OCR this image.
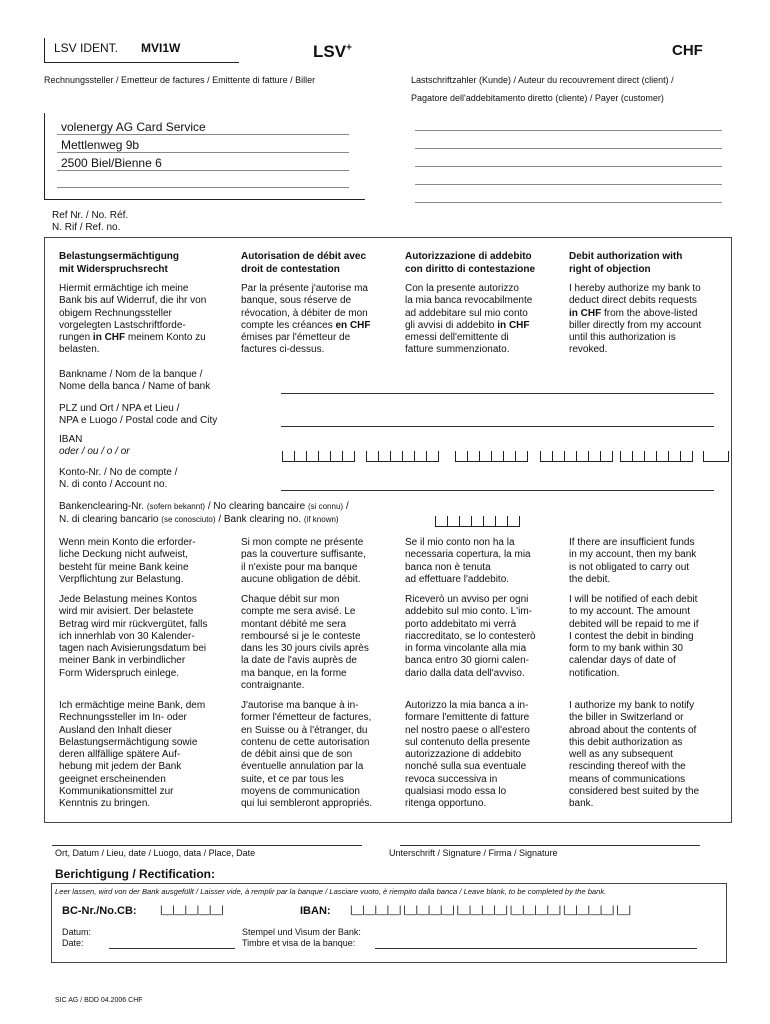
LSV IDENT. MVI1W	LSV+	CHF
Rechnungssteller / Emetteur de factures / Emittente di fatture / Biller	Lastschriftzahler (Kunde) / Auteur du recouvrement direct (client) /
Pagatore dell'addebitamento diretto (cliente) / Payer (customer)
volenergy AG Card Service
Mettlenweg 9b
2500 Biel/Bienne 6
Ref Nr. / No. Réf.
N. Rif / Ref. no.
Belastungsermächtigung
mit Widerspruchsrecht
Autorisation de débit avec
droit de contestation
Autorizzazione di addebito
con diritto di contestazione
Debit authorization with
right of objection
Hiermit ermächtige ich meine
Bank bis auf Widerruf, die ihr von
obigem Rechnungssteller
vorgelegten Lastschriftforde-
rungen in CHF meinem Konto zu
belasten.
Par la présente j'autorise ma
banque, sous réserve de
révocation, à débiter de mon
compte les créances en CHF
émises par l'émetteur de
factures ci-dessus.
Con la presente autorizzo
la mia banca revocabilmente
ad addebitare sul mio conto
gli avvisi di addebito in CHF
emessi dell'emittente di
fatture summenzionato.
I hereby authorize my bank to
deduct direct debits requests
in CHF from the above-listed
biller directly from my account
until this authorization is
revoked.
Bankname / Nom de la banque /
Nome della banca / Name of bank
PLZ und Ort / NPA et Lieu /
NPA e Luogo / Postal code and City
IBAN
oder / ou / o / or
Konto-Nr. / No de compte /
N. di conto / Account no.
Bankenclearing-Nr. (sofern bekannt) / No clearing bancaire (si connu) /
N. di clearing bancario (se conosciuto) / Bank clearing no. (if known)
Wenn mein Konto die erforder-
liche Deckung nicht aufweist,
besteht für meine Bank keine
Verpflichtung zur Belastung.
Si mon compte ne présente
pas la couverture suffisante,
il n'existe pour ma banque
aucune obligation de débit.
Se il mio conto non ha la
necessaria copertura, la mia
banca non è tenuta
ad effettuare l'addebito.
If there are insufficient funds
in my account, then my bank
is not obligated to carry out
the debit.
Jede Belastung meines Kontos
wird mir avisiert. Der belastete
Betrag wird mir rückvergütet, falls
ich innerhlab von 30 Kalender-
tagen nach Avisierungsdatum bei
meiner Bank in verbindlicher
Form Widerspruch einlege.
Chaque débit sur mon
compte me sera avisé. Le
montant débité me sera
remboursé si je le conteste
dans les 30 jours civils après
la date de l'avis auprès de
ma banque, en la forme
contraignante.
Riceverò un avviso per ogni
addebito sul mio conto. L'im-
porto addebitato mi verrà
riaccreditato, se lo contesterò
in forma vincolante alla mia
banca entro 30 giorni calen-
dario dalla data dell'avviso.
I will be notified of each debit
to my account. The amount
debited will be repaid to me if
I contest the debit in binding
form to my bank within 30
calendar days of date of
notification.
Ich ermächtige meine Bank, dem
Rechnungssteller im In- oder
Ausland den Inhalt dieser
Belastungsermächtigung sowie
deren allfällige spätere Auf-
hebung mit jedem der Bank
geeignet erscheinenden
Kommunikationsmittel zur
Kenntnis zu bringen.
J'autorise ma banque à in-
former l'émetteur de factures,
en Suisse ou à l'étranger, du
contenu de cette autorisation
de débit ainsi que de son
éventuelle annulation par la
suite, et ce par tous les
moyens de communication
qui lui sembleront appropriés.
Autorizzo la mia banca a in-
formare l'emittente di fatture
nel nostro paese o all'estero
sul contenuto della presente
autorizzazione di addebito
nonché sulla sua eventuale
revoca successiva in
qualsiasi modo essa lo
ritenga opportuno.
I authorize my bank to notify
the biller in Switzerland or
abroad about the contents of
this debit authorization as
well as any subsequent
rescinding thereof with the
means of communications
considered best suited by the
bank.
Ort, Datum / Lieu, date / Luogo, data / Place, Date	Unterschrift / Signature / Firma / Signature
Berichtigung / Rectification:
Leer lassen, wird von der Bank ausgefüllt / Laisser vide, à remplir par la banque / Lasciare vuoto, è riempito dalla banca / Leave blank, to be completed by the bank.
BC-Nr./No.CB: |__|__|__|__|__|	IBAN: |__|__|__|__| |__|__|__|__| |__|__|__|__| |__|__|__|__| |__|__|__|__| |__|
Datum:
Date:
Stempel und Visum der Bank:
Timbre et visa de la banque:
SIC AG / BDD 04.2006 CHF
